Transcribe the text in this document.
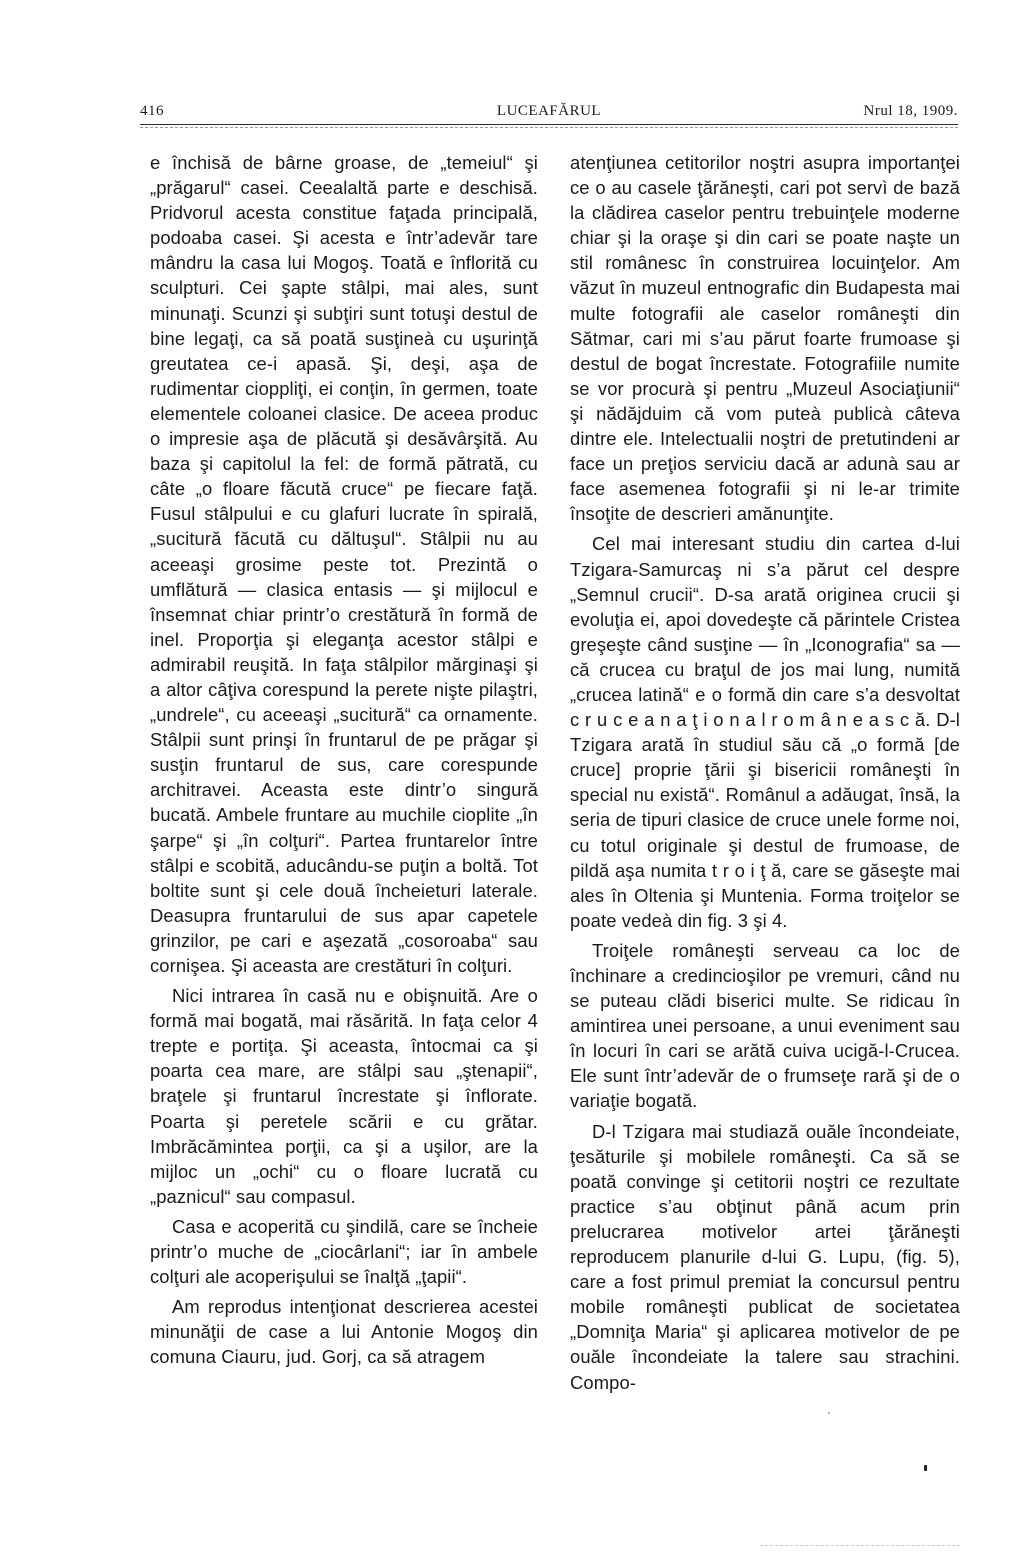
416	LUCEAFĂRUL	Nrul 18, 1909.

e închisă de bârne groase, de „temeiul“ şi „prăgarul“ casei. Ceealaltă parte e deschisă. Pridvorul acesta constitue faţada principală, podoaba casei. Şi acesta e într’adevăr tare mândru la casa lui Mogoş. Toată e înflorită cu sculpturi. Cei şapte stâlpi, mai ales, sunt minunaţi. Scunzi şi subţiri sunt totuşi destul de bine legaţi, ca să poată susţineà cu uşurinţă greutatea ce-i apasă. Şi, deşi, aşa de rudimentar cioppliţi, ei conţin, în germen, toate elementele coloanei clasice. De aceea produc o impresie aşa de plăcută şi desăvârşită. Au baza şi capitolul la fel: de formă pătrată, cu câte „o floare făcută cruce“ pe fiecare faţă. Fusul stâlpului e cu glafuri lucrate în spirală, „sucitură făcută cu dăltuşul“. Stâlpii nu au aceeaşi grosime peste tot. Prezintă o umflătură — clasica entasis — şi mijlocul e însemnat chiar printr’o crestătură în formă de inel. Proporţia şi eleganţa acestor stâlpi e admirabil reuşită. In faţa stâlpilor mărginaşi şi a altor câţiva corespund la perete nişte pilaştri, „undrele“, cu aceeaşi „sucitură“ ca ornamente. Stâlpii sunt prinşi în fruntarul de pe prăgar şi susţin fruntarul de sus, care corespunde architravei. Aceasta este dintr’o singură bucată. Ambele fruntare au muchile cioplite „în şarpe“ şi „în colţuri“. Partea fruntarelor între stâlpi e scobită, aducându-se puţin a boltă. Tot boltite sunt şi cele două încheieturi laterale. Deasupra fruntarului de sus apar capetele grinzilor, pe cari e aşezată „cosoroaba“ sau cornişea. Şi aceasta are crestături în colţuri.

Nici intrarea în casă nu e obişnuită. Are o formă mai bogată, mai răsărită. In faţa celor 4 trepte e portiţa. Şi aceasta, întocmai ca şi poarta cea mare, are stâlpi sau „ştenapii“, braţele şi fruntarul încrestate şi înflorate. Poarta şi peretele scării e cu grătar. Imbrăcămintea porţii, ca şi a uşilor, are la mijloc un „ochi“ cu o floare lucrată cu „paznicul“ sau compasul.

Casa e acoperită cu şindilă, care se încheie printr’o muche de „ciocârlani“; iar în ambele colţuri ale acoperişului se înalţă „ţapii“.

Am reprodus intenţionat descrierea acestei minunăţii de case a lui Antonie Mogoş din comuna Ciauru, jud. Gorj, ca să atragem

atenţiunea cetitorilor noştri asupra importanţei ce o au casele ţărăneşti, cari pot servì de bază la clădirea caselor pentru trebuinţele moderne chiar şi la oraşe şi din cari se poate naşte un stil românesc în construirea locuinţelor. Am văzut în muzeul entnografic din Budapesta mai multe fotografii ale caselor româneşti din Sătmar, cari mi s’au părut foarte frumoase şi destul de bogat încrestate. Fotografiile numite se vor procurà şi pentru „Muzeul Asociaţiunii“ şi nădăjduim că vom puteà publicà câteva dintre ele. Intelectualii noştri de pretutindeni ar face un preţios serviciu dacă ar adunà sau ar face asemenea fotografii şi ni le-ar trimite însoţite de descrieri amănunţite.

Cel mai interesant studiu din cartea d-lui Tzigara-Samurcaş ni s’a părut cel despre „Semnul crucii“. D-sa arată originea crucii şi evoluţia ei, apoi dovedeşte că părintele Cristea greşeşte când susţine — în „Iconografia“ sa — că crucea cu braţul de jos mai lung, numită „crucea latină“ e o formă din care s’a desvoltat c r u c e a n a ţ i o n a l r o m â n e a s c ă. D-l Tzigara arată în studiul său că „o formă [de cruce] proprie ţării şi bisericii româneşti în special nu există“. Românul a adăugat, însă, la seria de tipuri clasice de cruce unele forme noi, cu totul originale şi destul de frumoase, de pildă aşa numita t r o i ţ ă, care se găseşte mai ales în Oltenia şi Muntenia. Forma troiţelor se poate vedeà din fig. 3 şi 4.

Troiţele româneşti serveau ca loc de închinare a credincioşilor pe vremuri, când nu se puteau clădi biserici multe. Se ridicau în amintirea unei persoane, a unui eveniment sau în locuri în cari se arătă cuiva ucigă-l-Crucea. Ele sunt într’adevăr de o frumseţe rară şi de o variaţie bogată.

D-l Tzigara mai studiază ouăle încondeiate, ţesăturile şi mobilele româneşti. Ca să se poată convinge şi cetitorii noştri ce rezultate practice s’au obţinut până acum prin prelucrarea motivelor artei ţărăneşti reproducem planurile d-lui G. Lupu, (fig. 5), care a fost primul premiat la concursul pentru mobile româneşti publicat de societatea „Domniţa Maria“ şi aplicarea motivelor de pe ouăle încondeiate la talere sau strachini. Compo-
